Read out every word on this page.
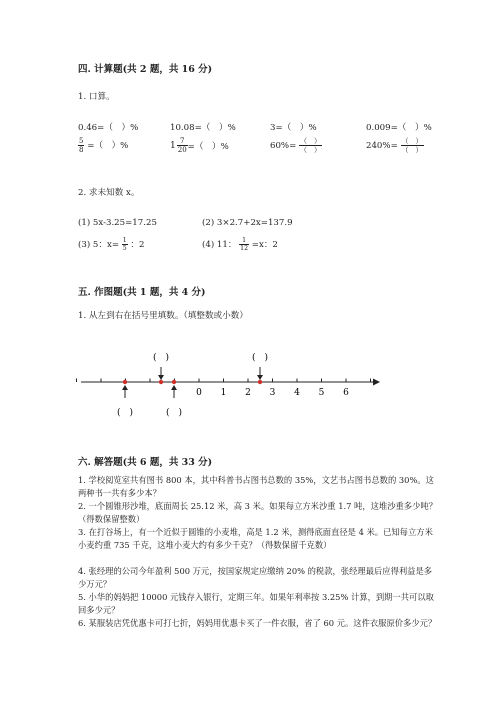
四. 计算题(共 2 题，共 16 分)
1. 口算。
0.46=（　）%	10.08=（　）%	3=（　）%	0.009=（　）%
$\frac{5}{8}$ =（　）%	$1 \frac{7}{20}$ =（　）%	$60\%= \frac{( )}{( )}$	$240\%= \frac{( )}{( )}$
2. 求未知数 x。
(1) 5x-3.25=17.25	(2) 3×2.7+2x=137.9
(3) 5：$x= \frac{1}{5}$ ：2	(4) 11： $\frac{1}{12} =x$：2
五. 作图题(共 1 题，共 4 分)
1. 从左到右在括号里填数。（填整数或小数）
0 1 2 3 4 5 6
(　)	(　)
(　)	(　)
六. 解答题(共 6 题，共 33 分)
1. 学校阅览室共有图书 800 本，其中科普书占图书总数的 35%，文艺书占图书总数的 30%。这两种书一共有多少本？
2. 一个圆锥形沙堆，底面周长 25.12 米，高 3 米。如果每立方米沙重 1.7 吨，这堆沙重多少吨？（得数保留整数）
3. 在打谷场上，有一个近似于圆锥的小麦堆，高是 1.2 米，测得底面直径是 4 米。已知每立方米小麦约重 735 千克，这堆小麦大约有多少千克？（得数保留千克数）
4. 张经理的公司今年盈利 500 万元，按国家规定应缴纳 20% 的税款，张经理最后应得利益是多少万元？
5. 小华的妈妈把 10000 元钱存入银行，定期三年。如果年利率按 3.25% 计算，到期一共可以取回多少元？
6. 某服装店凭优惠卡可打七折，妈妈用优惠卡买了一件衣服，省了 60 元。这件衣服原价多少元？
